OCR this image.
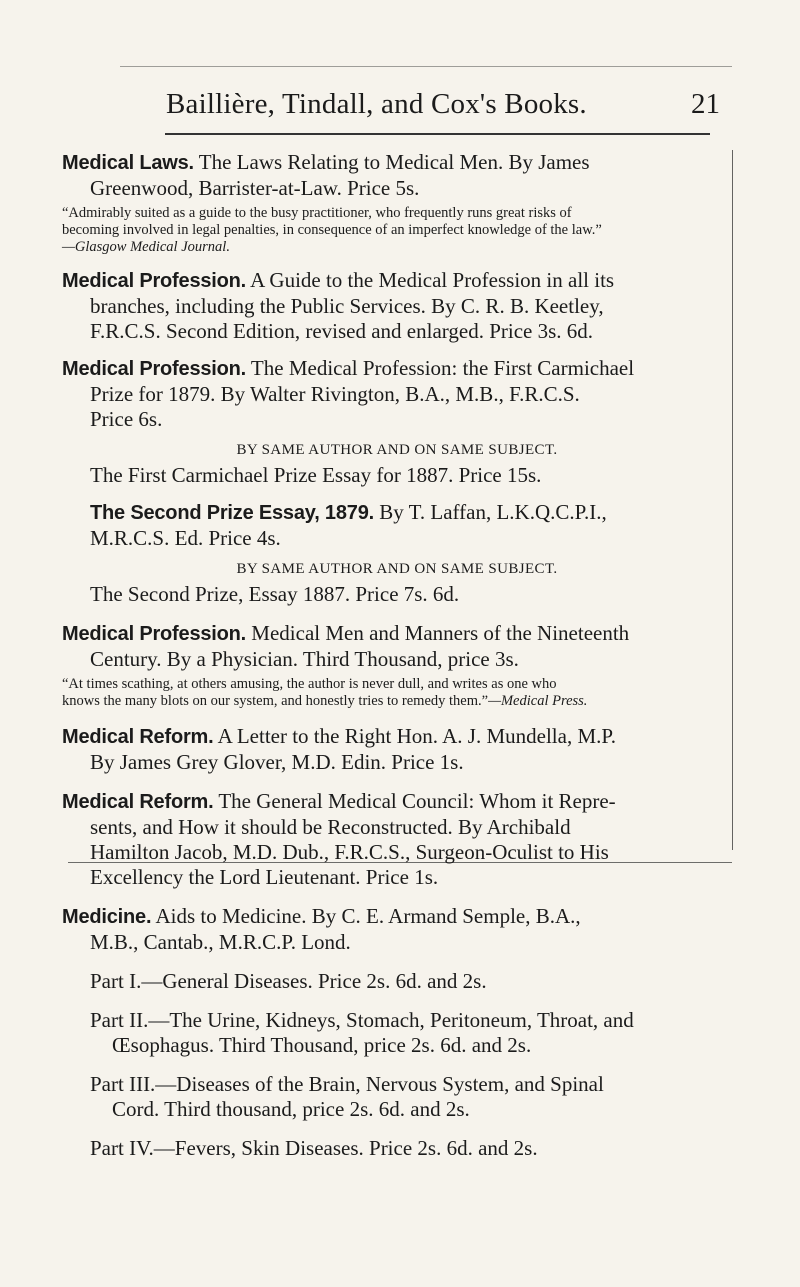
Baillière, Tindall, and Cox's Books.	21
Medical Laws. The Laws Relating to Medical Men. By James
Greenwood, Barrister-at-Law. Price 5s.
“Admirably suited as a guide to the busy practitioner, who frequently runs great risks of
becoming involved in legal penalties, in consequence of an imperfect knowledge of the law.”
—Glasgow Medical Journal.
Medical Profession. A Guide to the Medical Profession in all its
branches, including the Public Services. By C. R. B. Keetley,
F.R.C.S. Second Edition, revised and enlarged. Price 3s. 6d.
Medical Profession. The Medical Profession: the First Carmichael
Prize for 1879. By Walter Rivington, B.A., M.B., F.R.C.S.
Price 6s.
BY SAME AUTHOR AND ON SAME SUBJECT.
The First Carmichael Prize Essay for 1887. Price 15s.
The Second Prize Essay, 1879. By T. Laffan, L.K.Q.C.P.I.,
M.R.C.S. Ed. Price 4s.
BY SAME AUTHOR AND ON SAME SUBJECT.
The Second Prize, Essay 1887. Price 7s. 6d.
Medical Profession. Medical Men and Manners of the Nineteenth
Century. By a Physician. Third Thousand, price 3s.
“At times scathing, at others amusing, the author is never dull, and writes as one who
knows the many blots on our system, and honestly tries to remedy them.”—Medical Press.
Medical Reform. A Letter to the Right Hon. A. J. Mundella, M.P.
By James Grey Glover, M.D. Edin. Price 1s.
Medical Reform. The General Medical Council: Whom it Repre-
sents, and How it should be Reconstructed. By Archibald
Hamilton Jacob, M.D. Dub., F.R.C.S., Surgeon-Oculist to His
Excellency the Lord Lieutenant. Price 1s.
Medicine. Aids to Medicine. By C. E. Armand Semple, B.A.,
M.B., Cantab., M.R.C.P. Lond.
Part I.—General Diseases. Price 2s. 6d. and 2s.
Part II.—The Urine, Kidneys, Stomach, Peritoneum, Throat, and
Œsophagus. Third Thousand, price 2s. 6d. and 2s.
Part III.—Diseases of the Brain, Nervous System, and Spinal
Cord. Third thousand, price 2s. 6d. and 2s.
Part IV.—Fevers, Skin Diseases. Price 2s. 6d. and 2s.
